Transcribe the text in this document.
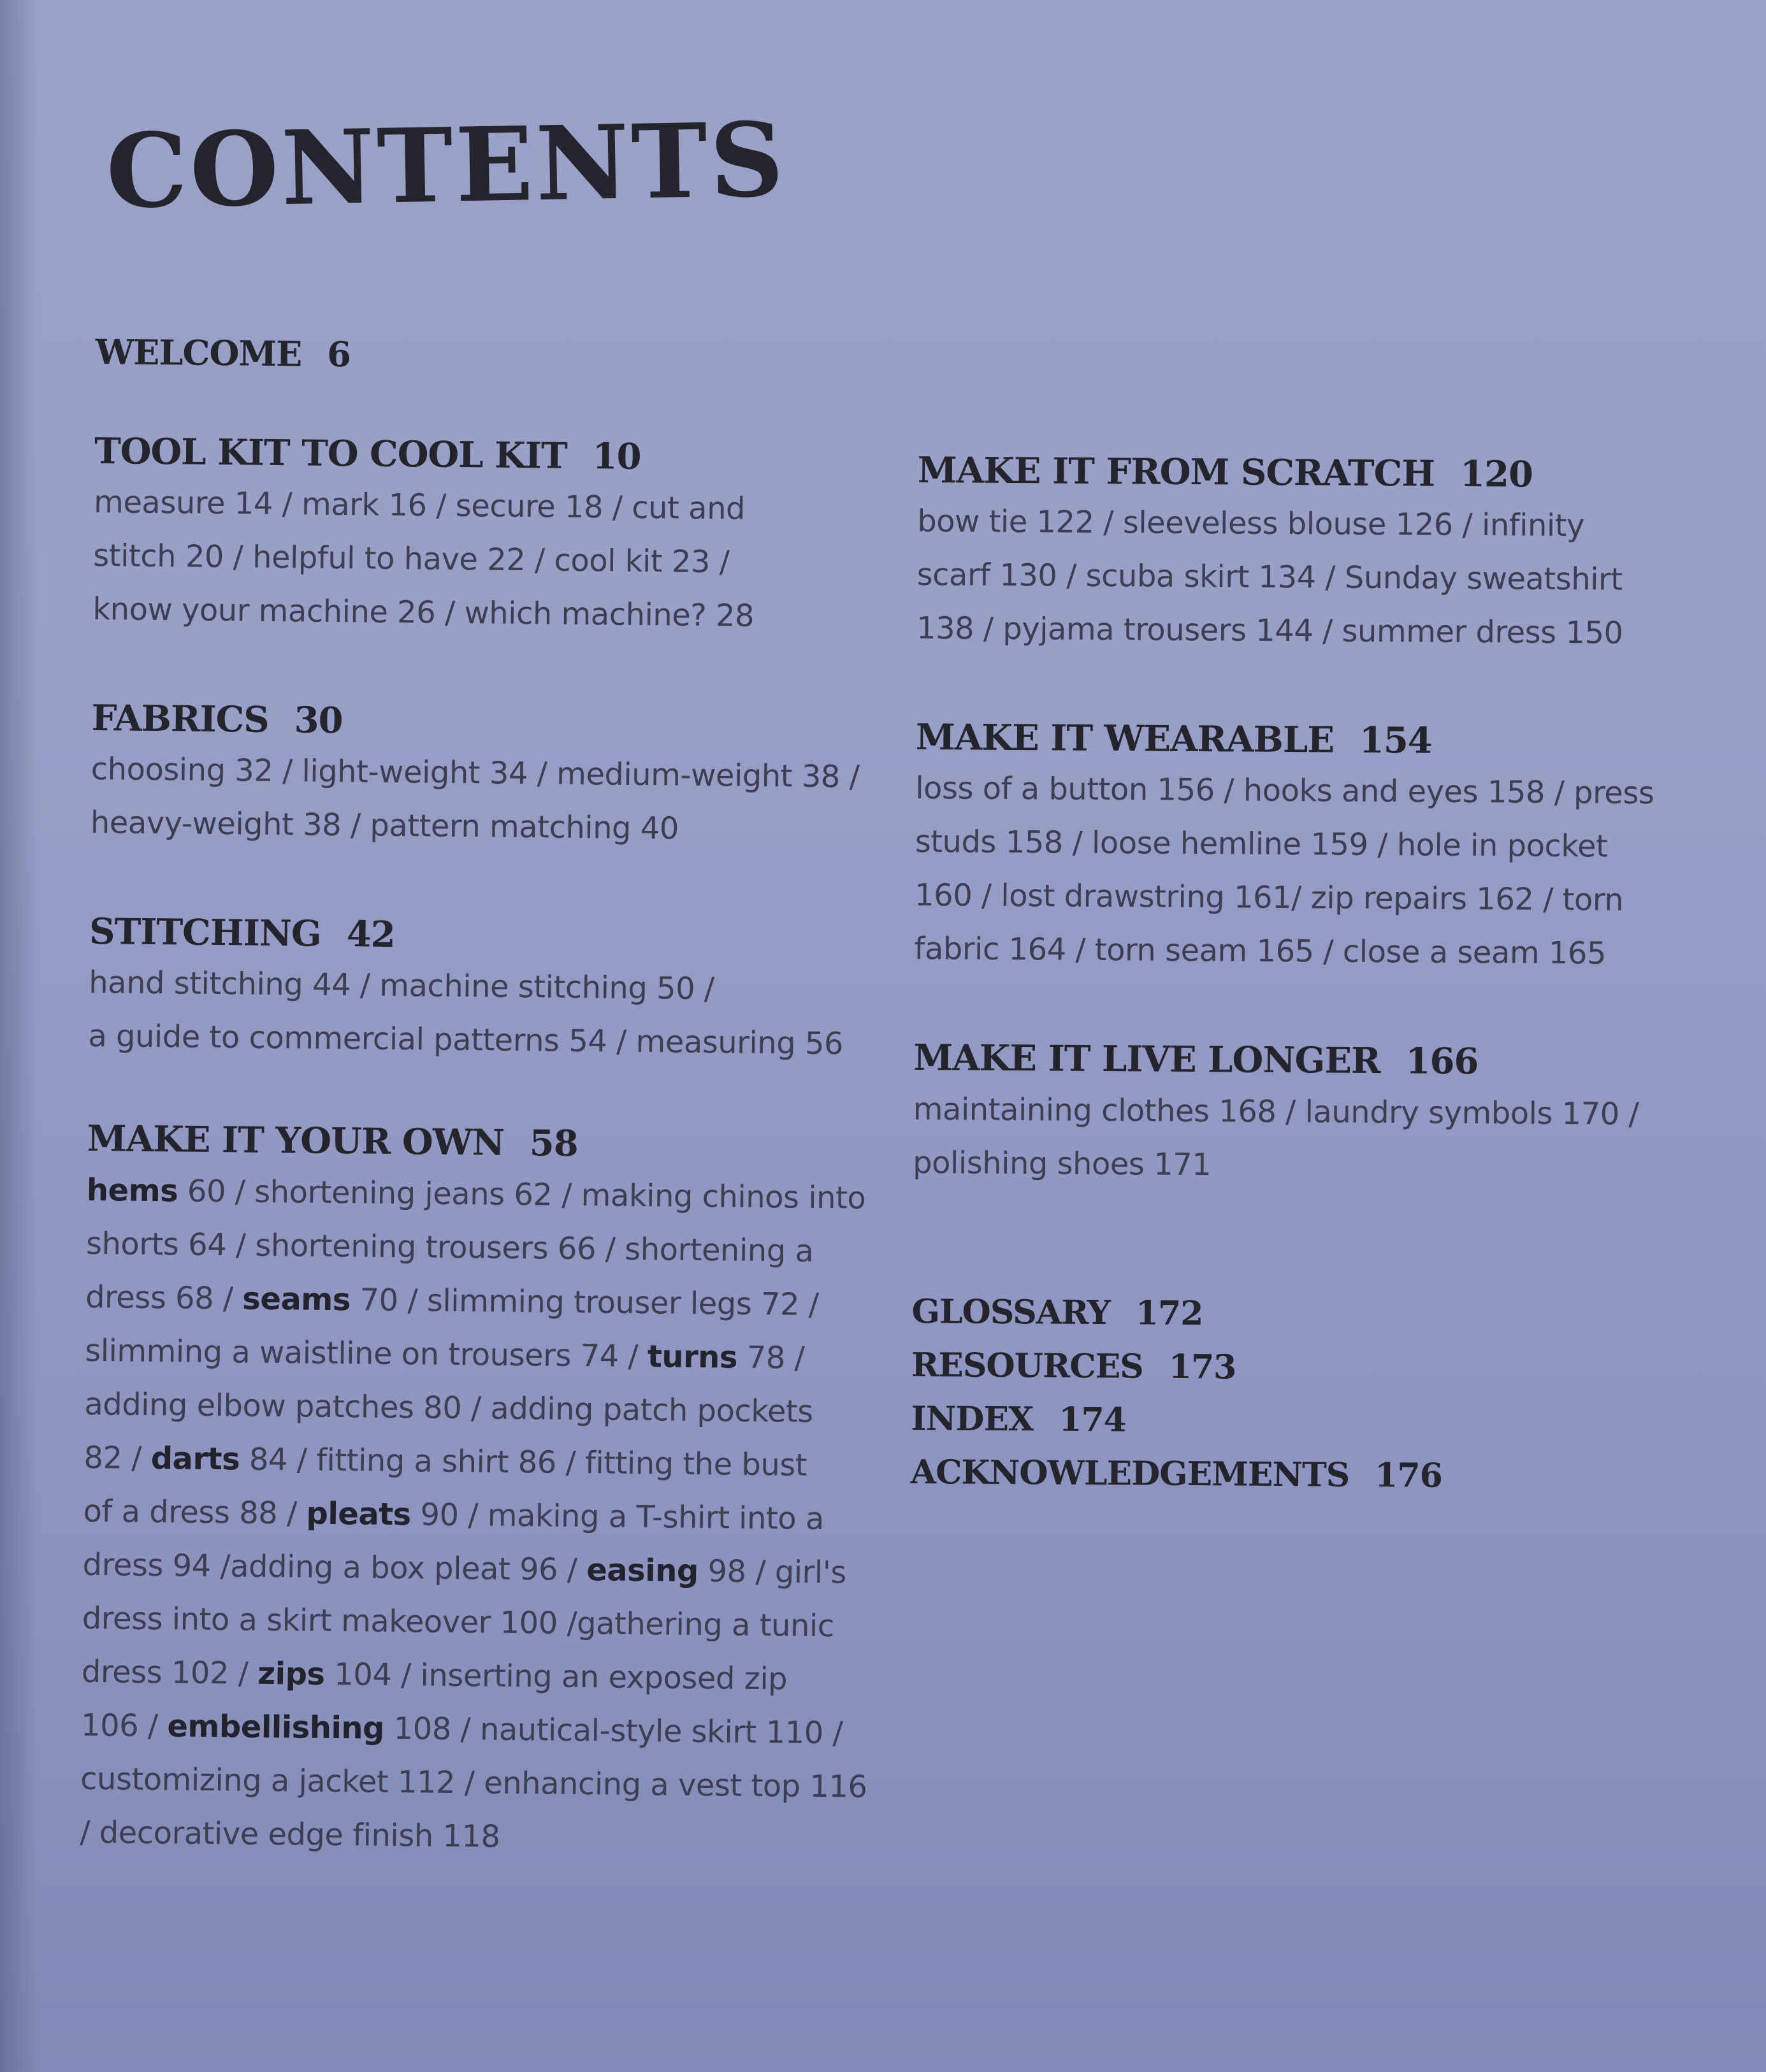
CONTENTS
WELCOME 6
TOOL KIT TO COOL KIT 10
measure 14 / mark 16 / secure 18 / cut and
stitch 20 / helpful to have 22 / cool kit 23 /
know your machine 26 / which machine? 28
FABRICS 30
choosing 32 / light-weight 34 / medium-weight 38 /
heavy-weight 38 / pattern matching 40
STITCHING 42
hand stitching 44 / machine stitching 50 /
a guide to commercial patterns 54 / measuring 56
MAKE IT YOUR OWN 58
hems 60 / shortening jeans 62 / making chinos into
shorts 64 / shortening trousers 66 / shortening a
dress 68 / seams 70 / slimming trouser legs 72 /
slimming a waistline on trousers 74 / turns 78 /
adding elbow patches 80 / adding patch pockets
82 / darts 84 / fitting a shirt 86 / fitting the bust
of a dress 88 / pleats 90 / making a T-shirt into a
dress 94 /adding a box pleat 96 / easing 98 / girl's
dress into a skirt makeover 100 /gathering a tunic
dress 102 / zips 104 / inserting an exposed zip
106 / embellishing 108 / nautical-style skirt 110 /
customizing a jacket 112 / enhancing a vest top 116
/ decorative edge finish 118
MAKE IT FROM SCRATCH 120
bow tie 122 / sleeveless blouse 126 / infinity
scarf 130 / scuba skirt 134 / Sunday sweatshirt
138 / pyjama trousers 144 / summer dress 150
MAKE IT WEARABLE 154
loss of a button 156 / hooks and eyes 158 / press
studs 158 / loose hemline 159 / hole in pocket
160 / lost drawstring 161/ zip repairs 162 / torn
fabric 164 / torn seam 165 / close a seam 165
MAKE IT LIVE LONGER 166
maintaining clothes 168 / laundry symbols 170 /
polishing shoes 171
GLOSSARY 172
RESOURCES 173
INDEX 174
ACKNOWLEDGEMENTS 176
